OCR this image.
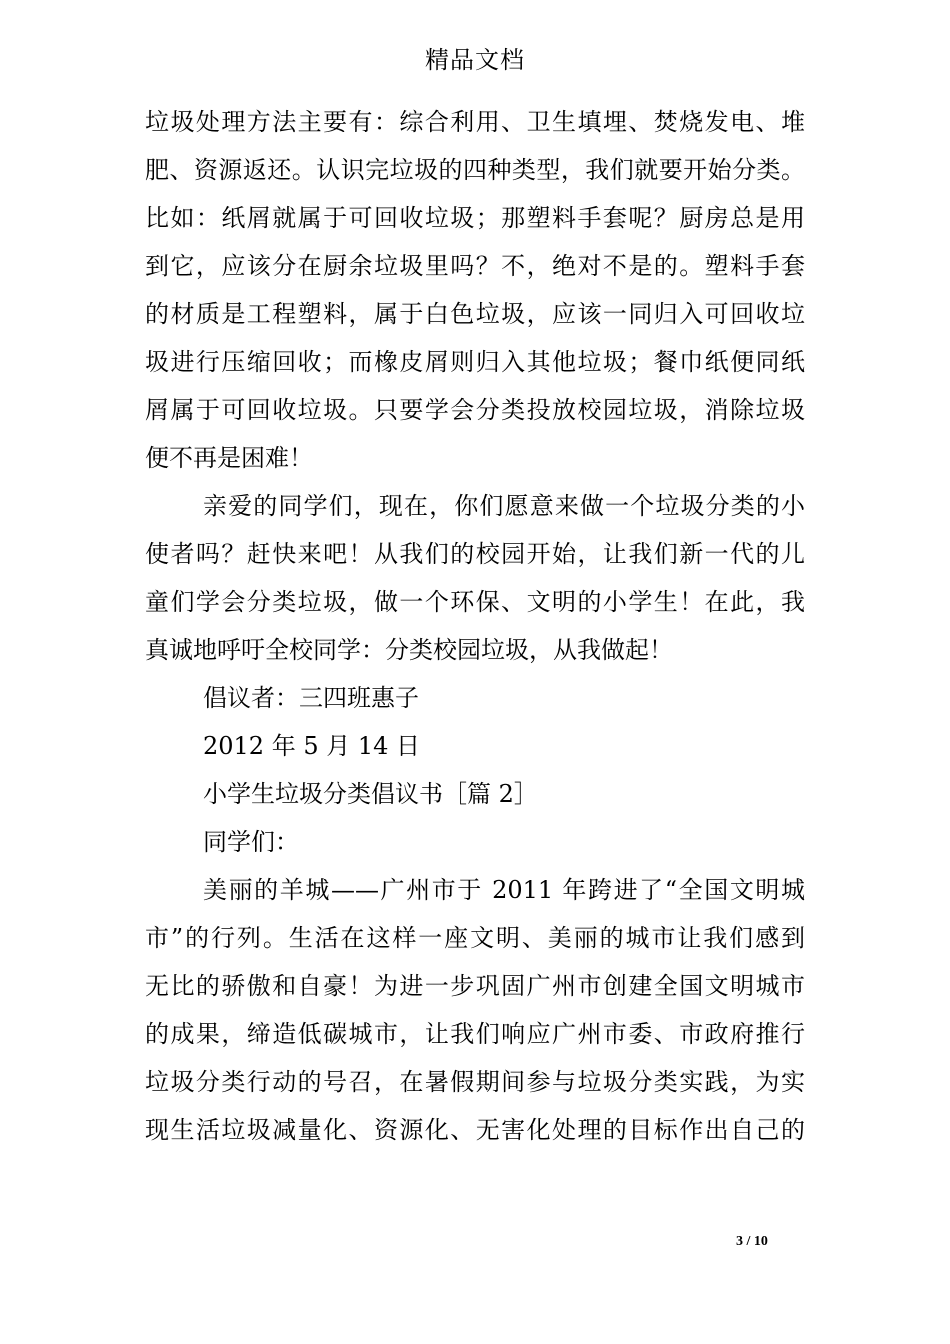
精品文档
垃圾处理方法主要有：综合利用、卫生填埋、焚烧发电、堆
肥、资源返还。认识完垃圾的四种类型，我们就要开始分类。
比如：纸屑就属于可回收垃圾；那塑料手套呢？厨房总是用
到它，应该分在厨余垃圾里吗？不，绝对不是的。塑料手套
的材质是工程塑料，属于白色垃圾，应该一同归入可回收垃
圾进行压缩回收；而橡皮屑则归入其他垃圾；餐巾纸便同纸
屑属于可回收垃圾。只要学会分类投放校园垃圾，消除垃圾
便不再是困难！
亲爱的同学们，现在，你们愿意来做一个垃圾分类的小
使者吗？赶快来吧！从我们的校园开始，让我们新一代的儿
童们学会分类垃圾，做一个环保、文明的小学生！在此，我
真诚地呼吁全校同学：分类校园垃圾，从我做起！
倡议者：三四班惠子
2012 年 5 月 14 日
小学生垃圾分类倡议书［篇 2］
同学们：
美丽的羊城——广州市于 2011 年跨进了“全国文明城
市”的行列。生活在这样一座文明、美丽的城市让我们感到
无比的骄傲和自豪！为进一步巩固广州市创建全国文明城市
的成果，缔造低碳城市，让我们响应广州市委、市政府推行
垃圾分类行动的号召，在暑假期间参与垃圾分类实践，为实
现生活垃圾减量化、资源化、无害化处理的目标作出自己的
3 / 10
